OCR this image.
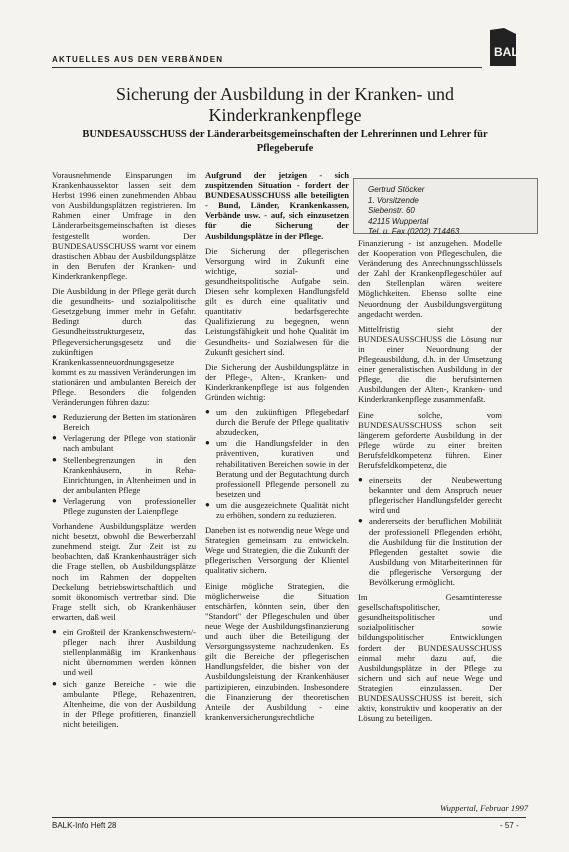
AKTUELLES AUS DEN VERBÄNDEN
BALK
Sicherung der Ausbildung in der Kranken- und Kinderkrankenpflege
BUNDESAUSSCHUSS der Länderarbeitsgemeinschaften der Lehrerinnen und Lehrer für Pflegeberufe

Vorausnehmende Einsparungen im Krankenhaussektor lassen seit dem Herbst 1996 einen zunehmenden Abbau von Ausbildungsplätzen registrieren. Im Rahmen einer Umfrage in den Länderarbeitsgemeinschaften ist dieses festgestellt worden. Der BUNDESAUSSCHUSS warnt vor einem drastischen Abbau der Ausbildungsplätze in den Berufen der Kranken- und Kinderkrankenpflege.

Die Ausbildung in der Pflege gerät durch die gesundheits- und sozialpolitische Gesetzgebung immer mehr in Gefahr. Bedingt durch das Gesundheitsstrukturgesetz, das Pflegeversicherungsgesetz und die zukünftigen Krankenkassenneuordnungsgesetze kommt es zu massiven Veränderungen im stationären und ambulanten Bereich der Pflege. Besonders die folgenden Veränderungen führen dazu:

● Reduzierung der Betten im stationären Bereich
● Verlagerung der Pflege von stationär nach ambulant
● Stellenbegrenzungen in den Krankenhäusern, in Reha-Einrichtungen, in Altenheimen und in der ambulanten Pflege
● Verlagerung von professioneller Pflege zugunsten der Laienpflege

Vorhandene Ausbildungsplätze werden nicht besetzt, obwohl die Bewerberzahl zunehmend steigt. Zur Zeit ist zu beobachten, daß Krankenhausträger sich die Frage stellen, ob Ausbildungsplätze noch im Rahmen der doppelten Deckelung betriebswirtschaftlich und somit ökonomisch vertretbar sind. Die Frage stellt sich, ob Krankenhäuser erwarten, daß weil

● ein Großteil der Krankenschwestern/-pfleger nach ihrer Ausbildung stellenplanmäßig im Krankenhaus nicht übernommen werden können und weil
● sich ganze Bereiche - wie die ambulante Pflege, Rehazentren, Altenheime, die von der Ausbildung in der Pflege profitieren, finanziell nicht beteiligen.

Aufgrund der jetzigen - sich zuspitzenden Situation - fordert der BUNDESAUSSCHUSS alle beteiligten - Bund, Länder, Krankenkassen, Verbände usw. - auf, sich einzusetzen für die Sicherung der Ausbildungsplätze in der Pflege.

Die Sicherung der pflegerischen Versorgung wird in Zukunft eine wichtige, sozial- und gesundheitspolitische Aufgabe sein. Diesen sehr komplexen Handlungsfeld gilt es durch eine qualitativ und quantitativ bedarfsgerechte Qualifizierung zu begegnen, wenn Leistungsfähigkeit und hohe Qualität im Gesundheits- und Sozialwesen für die Zukunft gesichert sind.

Die Sicherung der Ausbildungsplätze in der Pflege-, Alten-, Kranken- und Kinderkrankenpflege ist aus folgenden Gründen wichtig:

● um den zukünftigen Pflegebedarf durch die Berufe der Pflege qualitativ abzudecken,
● um die Handlungsfelder in den präventiven, kurativen und rehabilitativen Bereichen sowie in der Beratung und der Begutachtung durch professionell Pflegende personell zu besetzen und
● um die ausgezeichnete Qualität nicht zu erhöhen, sondern zu reduzieren.

Daneben ist es notwendig neue Wege und Strategien gemeinsam zu entwickeln. Wege und Strategien, die die Zukunft der pflegerischen Versorgung der Klientel qualitativ sichern.

Einige mögliche Strategien, die möglicherweise die Situation entschärfen, könnten sein, über den "Standort" der Pflegeschulen und über neue Wege der Ausbildungsfinanzierung und auch über die Beteiligung der Versorgungssysteme nachzudenken. Es gilt die Bereiche der pflegerischen Handlungsfelder, die bisher von der Ausbildungsleistung der Krankenhäuser partizipieren, einzubinden. Insbesondere die Finanzierung der theoretischen Anteile der Ausbildung - eine krankenversicherungsrechtliche

Gertrud Stöcker
1. Vorsitzende
Siebenstr. 60
42115 Wuppertal
Tel. u. Fax (0202) 714463

Finanzierung - ist anzugehen. Modelle der Kooperation von Pflegeschulen, die Veränderung des Anrechnungsschlüssels der Zahl der Krankenpflegeschüler auf den Stellenplan wären weitere Möglichkeiten. Ebenso sollte eine Neuordnung der Ausbildungsvergütung angedacht werden.

Mittelfristig sieht der BUNDESAUSSCHUSS die Lösung nur in einer Neuordnung der Pflegeausbildung, d.h. in der Umsetzung einer generalistischen Ausbildung in der Pflege, die die berufsinternen Ausbildungen der Alten-, Kranken- und Kinderkrankenpflege zusammenfaßt.

Eine solche, vom BUNDESAUSSCHUSS schon seit längerem geforderte Ausbildung in der Pflege würde zu einer breiten Berufsfeldkompetenz führen. Einer Berufsfeldkompetenz, die

● einerseits der Neubewertung bekannter und dem Anspruch neuer pflegerischer Handlungsfelder gerecht wird und
● andererseits der beruflichen Mobilität der professionell Pflegenden erhöht, die Ausbildung für die Institution der Pflegenden gestaltet sowie die Ausbildung von Mitarbeiterinnen für die pflegerische Versorgung der Bevölkerung ermöglicht.

Im Gesamtinteresse gesellschaftspolitischer, gesundheitspolitischer und sozialpolitischer sowie bildungspolitischer Entwicklungen fordert der BUNDESAUSSCHUSS einmal mehr dazu auf, die Ausbildungsplätze in der Pflege zu sichern und sich auf neue Wege und Strategien einzulassen. Der BUNDESAUSSCHUSS ist bereit, sich aktiv, konstruktiv und kooperativ an der Lösung zu beteiligen.

Wuppertal, Februar 1997
BALK-Info Heft 28	- 57 -
